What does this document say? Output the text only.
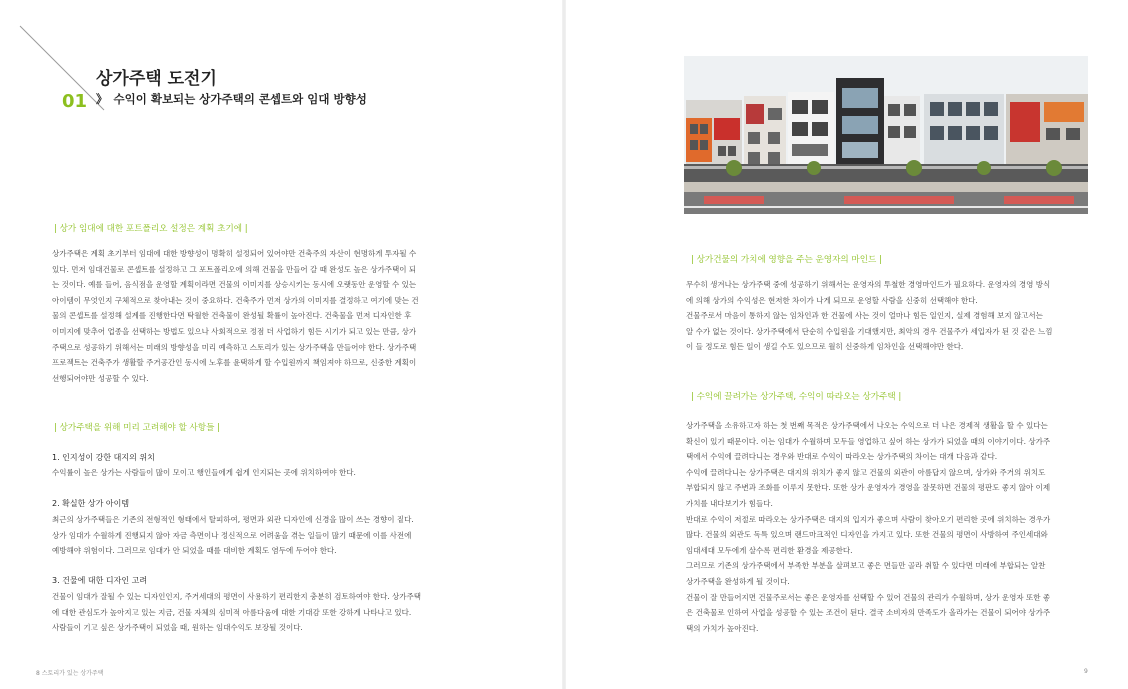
01
상가주택 도전기
》 수익이 확보되는 상가주택의 콘셉트와 임대 방향성
| 상가 임대에 대한 포트폴리오 설정은 계획 초기에 |

상가주택은 계획 초기부터 임대에 대한 방향성이 명확히 설정되어 있어야만 건축주의 자산이 현명하게 투자될 수

있다. 먼저 임대건물로 콘셉트를 설정하고 그 포트폴리오에 의해 건물을 만들어 갈 때 완성도 높은 상가주택이 되

는 것이다. 예를 들어, 음식점을 운영할 계획이라면 건물의 이미지를 상승시키는 동시에 오랫동안 운영할 수 있는

아이템이 무엇인지 구체적으로 찾아내는 것이 중요하다. 건축주가 먼저 상가의 이미지를 결정하고 여기에 맞는 건

물의 콘셉트를 설정해 설계를 진행한다면 탁월한 건축물이 완성될 확률이 높아진다. 건축물을 먼저 디자인한 후

이미지에 맞추어 업종을 선택하는 방법도 있으나 사회적으로 정점 더 사업하기 힘든 시기가 되고 있는 만큼, 상가

주택으로 성공하기 위해서는 미래의 방향성을 미리 예측하고 스토리가 있는 상가주택을 만들어야 한다. 상가주택

프로젝트는 건축주가 생활할 주거공간인 동시에 노후를 윤택하게 할 수입원까지 책임져야 하므로, 신중한 계획이

선행되어야만 성공할 수 있다.

| 상가주택을 위해 미리 고려해야 할 사항들 |
1. 인지성이 강한 대지의 위치

수익률이 높은 상가는 사람들이 많이 모이고 행인들에게 쉽게 인지되는 곳에 위치하여야 한다.

2. 확실한 상가 아이템

최근의 상가주택들은 기존의 전형적인 형태에서 탈피하여, 평면과 외관 디자인에 신경을 많이 쓰는 경향이 짙다.

상가 임대가 수월하게 진행되지 않아 자금 측면이나 정신적으로 어려움을 겪는 일들이 많기 때문에 이를 사전에

예방해야 위험이다. 그러므로 임대가 안 되었을 때를 대비한 계획도 염두에 두어야 한다.

3. 건물에 대한 디자인 고려

건물이 임대가 잘될 수 있는 디자인인지, 주거세대의 평면이 사용하기 편리한지 충분히 검토하여야 한다. 상가주택

에 대한 관심도가 높아지고 있는 지금, 건물 자체의 심미적 아름다움에 대한 기대감 또한 강하게 나타나고 있다.

사람들이 기고 싶은 상가주택이 되었을 때, 원하는 임대수익도 보장될 것이다.

8 스토리가 있는 상가주택
| 상가건물의 가치에 영향을 주는 운영자의 마인드 |

무수히 생겨나는 상가주택 중에 성공하기 위해서는 운영자의 투철한 경영마인드가 필요하다. 운영자의 경영 방식

에 의해 상가의 수익성은 현저한 차이가 나게 되므로 운영할 사람을 신중히 선택해야 한다.

건물주로서 마음이 통하지 않는 임차인과 한 건물에 사는 것이 얼마나 힘든 일인지, 실제 경험해 보지 않고서는

알 수가 없는 것이다. 상가주택에서 단순히 수입원을 기대했지만, 최악의 경우 건물주가 세입자가 된 것 같은 느낌

이 들 정도로 힘든 일이 생길 수도 있으므로 월히 신중하게 임차인을 선택해야만 한다.

| 수익에 끌려가는 상가주택, 수익이 따라오는 상가주택 |

상가주택을 소유하고자 하는 첫 번째 목적은 상가주택에서 나오는 수익으로 더 나은 경제적 생활을 할 수 있다는

확신이 있기 때문이다. 이는 임대가 수월하며 모두들 영업하고 싶어 하는 상가가 되었을 때의 이야기이다. 상가주

택에서 수익에 끌려다니는 경우와 반대로 수익이 따라오는 상가주택의 차이는 대개 다음과 같다.

수익에 끌려다니는 상가주택은 대지의 위치가 좋지 않고 건물의 외관이 아름답지 않으며, 상가와 주거의 위치도

부합되지 않고 주변과 조화를 이루지 못한다. 또한 상가 운영자가 경영을 잘못하면 건물의 평판도 좋지 않아 이제

가치를 내다보기가 힘들다.

반대로 수익이 저절로 따라오는 상가주택은 대지의 입지가 좋으며 사람이 찾아오기 편리한 곳에 위치하는 경우가

많다. 건물의 외관도 독특 있으며 랜드마크적인 디자인을 가지고 있다. 또한 건물의 평면이 사방하여 주인세대와

임대세대 모두에게 살수록 편리한 환경을 제공한다.

그러므로 기존의 상가주택에서 부족한 부분을 살펴보고 좋은 면들만 골라 취할 수 있다면 미래에 부합되는 알찬

상가주택을 완성하게 될 것이다.

건물이 잘 만들어지면 건물주로서는 좋은 운영자를 선택할 수 있어 건물의 관리가 수월하며, 상가 운영자 또한 좋

은 건축물로 인하여 사업을 성공할 수 있는 조건이 된다. 결국 소비자의 만족도가 올라가는 건물이 되어야 상가주

택의 가치가 높아진다.

9
